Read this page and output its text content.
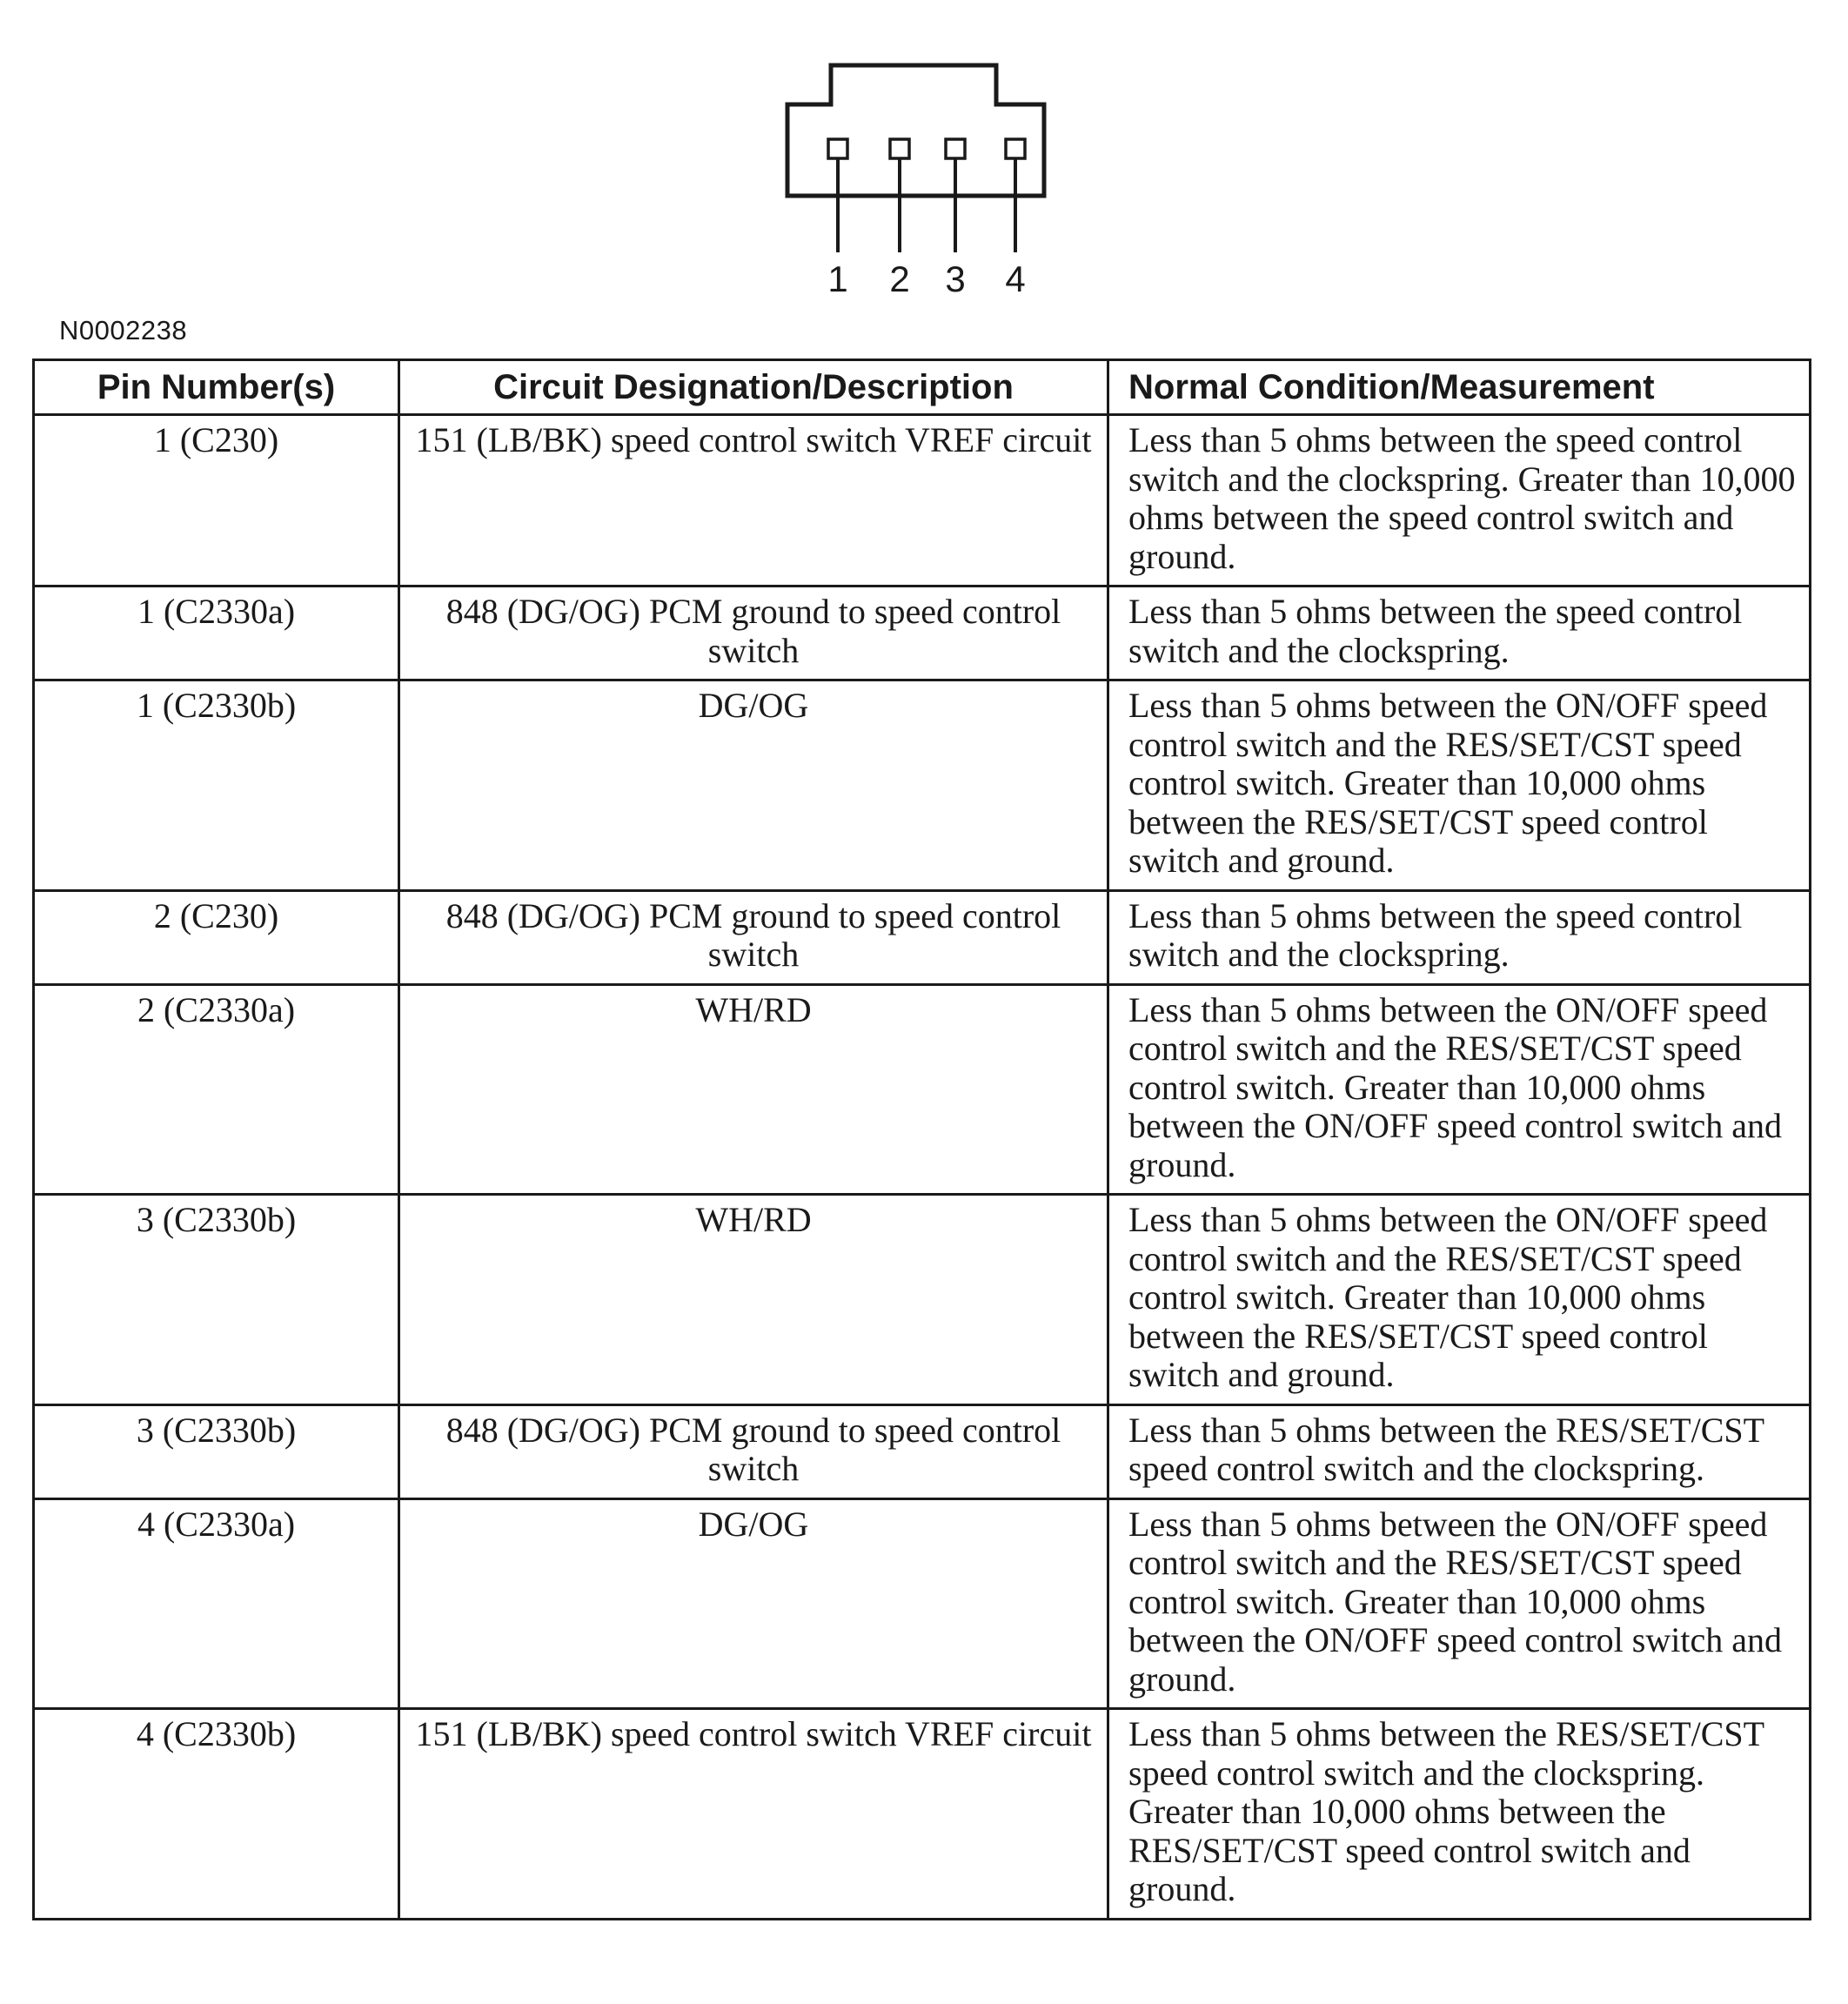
1 2 3 4
N0002238
Pin Number(s)	Circuit Designation/Description	Normal Condition/Measurement
1 (C230)	151 (LB/BK) speed control switch VREF circuit	Less than 5 ohms between the speed control switch and the clockspring. Greater than 10,000 ohms between the speed control switch and ground.
1 (C2330a)	848 (DG/OG) PCM ground to speed control switch	Less than 5 ohms between the speed control switch and the clockspring.
1 (C2330b)	DG/OG	Less than 5 ohms between the ON/OFF speed control switch and the RES/SET/CST speed control switch. Greater than 10,000 ohms between the RES/SET/CST speed control switch and ground.
2 (C230)	848 (DG/OG) PCM ground to speed control switch	Less than 5 ohms between the speed control switch and the clockspring.
2 (C2330a)	WH/RD	Less than 5 ohms between the ON/OFF speed control switch and the RES/SET/CST speed control switch. Greater than 10,000 ohms between the ON/OFF speed control switch and ground.
3 (C2330b)	WH/RD	Less than 5 ohms between the ON/OFF speed control switch and the RES/SET/CST speed control switch. Greater than 10,000 ohms between the RES/SET/CST speed control switch and ground.
3 (C2330b)	848 (DG/OG) PCM ground to speed control switch	Less than 5 ohms between the RES/SET/CST speed control switch and the clockspring.
4 (C2330a)	DG/OG	Less than 5 ohms between the ON/OFF speed control switch and the RES/SET/CST speed control switch. Greater than 10,000 ohms between the ON/OFF speed control switch and ground.
4 (C2330b)	151 (LB/BK) speed control switch VREF circuit	Less than 5 ohms between the RES/SET/CST speed control switch and the clockspring. Greater than 10,000 ohms between the RES/SET/CST speed control switch and ground.
